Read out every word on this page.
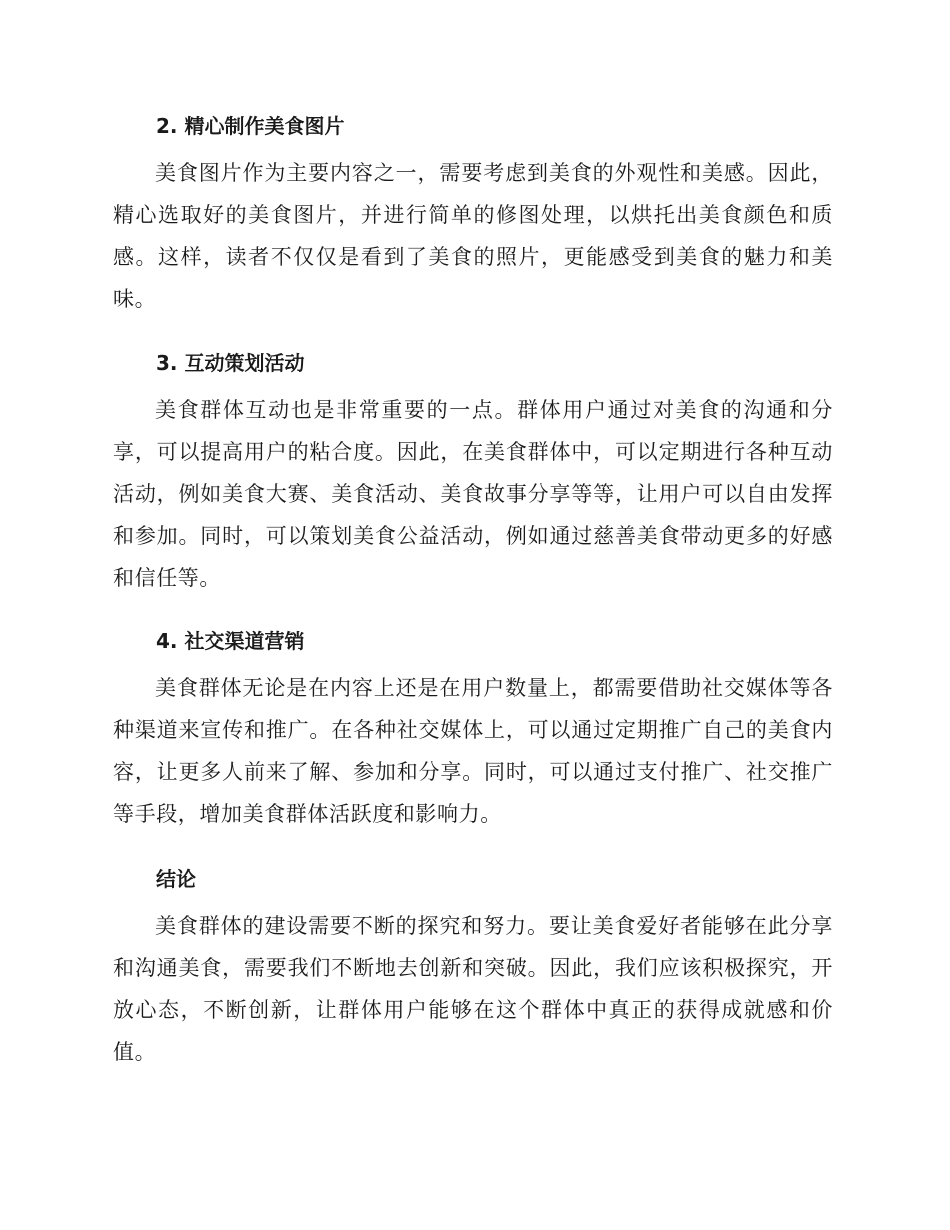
2. 精心制作美食图片

美食图片作为主要内容之一，需要考虑到美食的外观性和美感。因此，精心选取好的美食图片，并进行简单的修图处理，以烘托出美食颜色和质感。这样，读者不仅仅是看到了美食的照片，更能感受到美食的魅力和美味。

3. 互动策划活动

美食群体互动也是非常重要的一点。群体用户通过对美食的沟通和分享，可以提高用户的粘合度。因此，在美食群体中，可以定期进行各种互动活动，例如美食大赛、美食活动、美食故事分享等等，让用户可以自由发挥和参加。同时，可以策划美食公益活动，例如通过慈善美食带动更多的好感和信任等。

4. 社交渠道营销

美食群体无论是在内容上还是在用户数量上，都需要借助社交媒体等各种渠道来宣传和推广。在各种社交媒体上，可以通过定期推广自己的美食内容，让更多人前来了解、参加和分享。同时，可以通过支付推广、社交推广等手段，增加美食群体活跃度和影响力。

结论

美食群体的建设需要不断的探究和努力。要让美食爱好者能够在此分享和沟通美食，需要我们不断地去创新和突破。因此，我们应该积极探究，开放心态，不断创新，让群体用户能够在这个群体中真正的获得成就感和价值。
